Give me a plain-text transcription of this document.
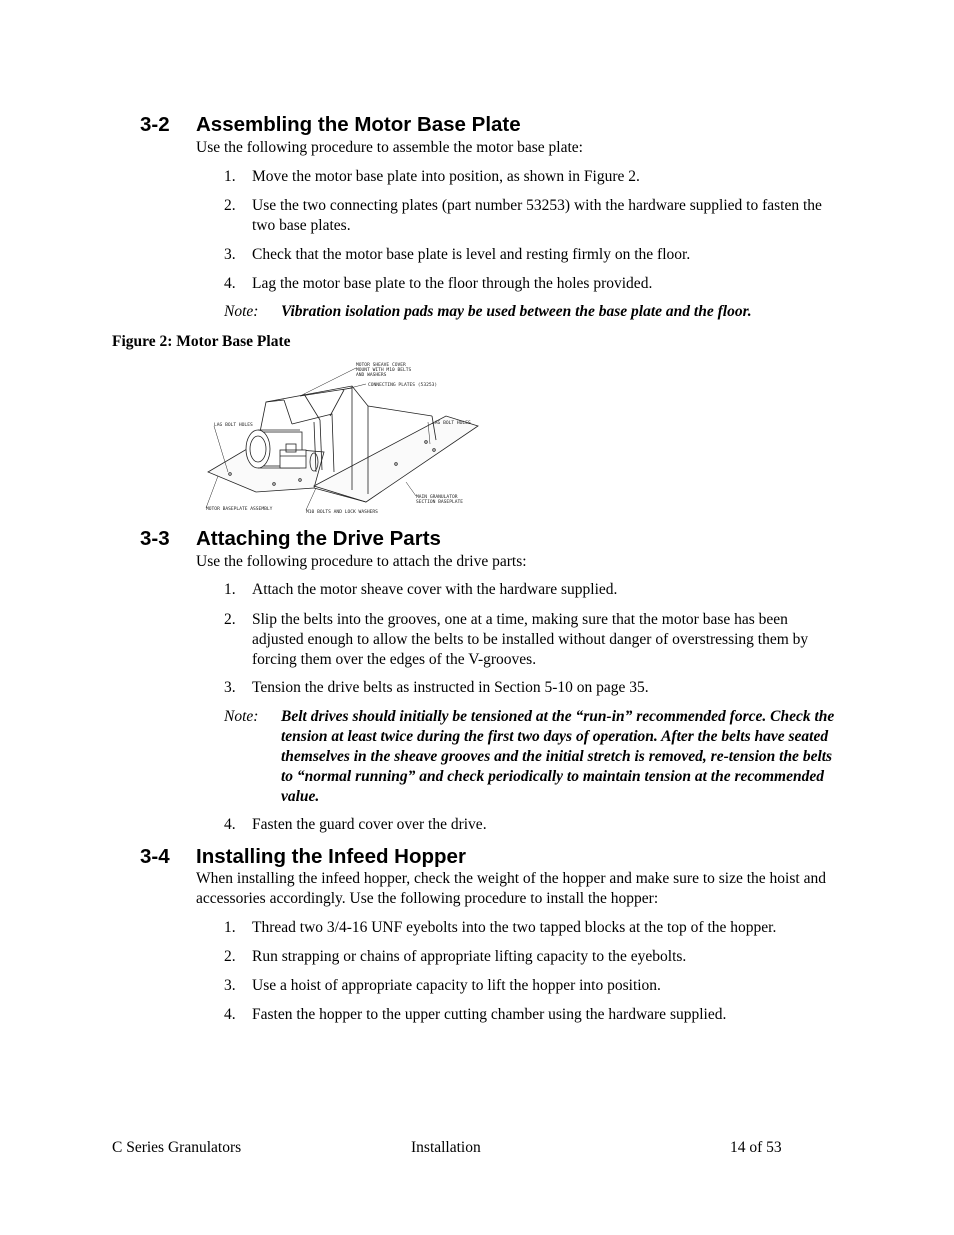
3-2 Assembling the Motor Base Plate

Use the following procedure to assemble the motor base plate:

1. Move the motor base plate into position, as shown in Figure 2.
2. Use the two connecting plates (part number 53253) with the hardware supplied to fasten the two base plates.
3. Check that the motor base plate is level and resting firmly on the floor.
4. Lag the motor base plate to the floor through the holes provided.
Note: Vibration isolation pads may be used between the base plate and the floor.

Figure 2: Motor Base Plate

MOTOR SHEAVE COVER
MOUNT WITH M10 BELTS
AND WASHERS
CONNECTING PLATES (53253)
LAG BOLT HOLES	LAG BOLT HOLES
MOTOR BASEPLATE ASSEMBLY
M10 BOLTS AND LOCK WASHERS
MAIN GRANULATOR
SECTION BASEPLATE
3-3 Attaching the Drive Parts

Use the following procedure to attach the drive parts:

1. Attach the motor sheave cover with the hardware supplied.
2. Slip the belts into the grooves, one at a time, making sure that the motor base has been adjusted enough to allow the belts to be installed without danger of overstressing them by forcing them over the edges of the V-grooves.
3. Tension the drive belts as instructed in Section 5-10 on page 35.
Note: Belt drives should initially be tensioned at the “run-in” recommended force. Check the tension at least twice during the first two days of operation. After the belts have seated themselves in the sheave grooves and the initial stretch is removed, re-tension the belts to “normal running” and check periodically to maintain tension at the recommended value.
4. Fasten the guard cover over the drive.
3-4 Installing the Infeed Hopper

When installing the infeed hopper, check the weight of the hopper and make sure to size the hoist and accessories accordingly. Use the following procedure to install the hopper:

1. Thread two 3/4-16 UNF eyebolts into the two tapped blocks at the top of the hopper.
2. Run strapping or chains of appropriate lifting capacity to the eyebolts.
3. Use a hoist of appropriate capacity to lift the hopper into position.
4. Fasten the hopper to the upper cutting chamber using the hardware supplied.
C Series Granulators	Installation	14 of 53
